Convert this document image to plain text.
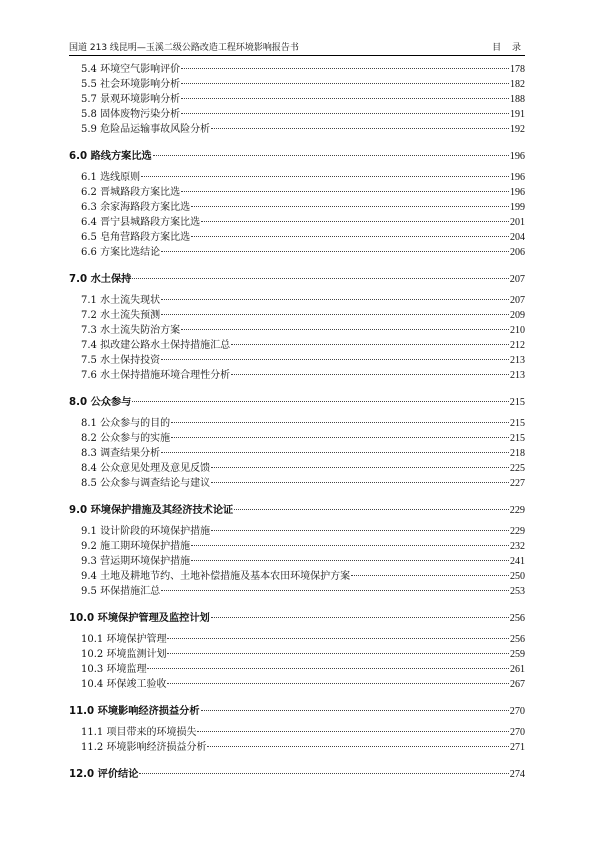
国道 213 线昆明—玉溪二级公路改造工程环境影响报告书	目 录
5.4 环境空气影响评价	178
5.5 社会环境影响分析	182
5.7 景观环境影响分析	188
5.8 固体废物污染分析	191
5.9 危险品运输事故风险分析	192
6.0 路线方案比选	196
6.1 选线原则	196
6.2 晋城路段方案比选	196
6.3 余家海路段方案比选	199
6.4 晋宁县城路段方案比选	201
6.5 皂角营路段方案比选	204
6.6 方案比选结论	206
7.0 水土保持	207
7.1 水土流失现状	207
7.2 水土流失预测	209
7.3 水土流失防治方案	210
7.4 拟改建公路水土保持措施汇总	212
7.5 水土保持投资	213
7.6 水土保持措施环境合理性分析	213
8.0 公众参与	215
8.1 公众参与的目的	215
8.2 公众参与的实施	215
8.3 调查结果分析	218
8.4 公众意见处理及意见反馈	225
8.5 公众参与调查结论与建议	227
9.0 环境保护措施及其经济技术论证	229
9.1 设计阶段的环境保护措施	229
9.2 施工期环境保护措施	232
9.3 营运期环境保护措施	241
9.4 土地及耕地节约、土地补偿措施及基本农田环境保护方案	250
9.5 环保措施汇总	253
10.0 环境保护管理及监控计划	256
10.1 环境保护管理	256
10.2 环境监测计划	259
10.3 环境监理	261
10.4 环保竣工验收	267
11.0 环境影响经济损益分析	270
11.1 项目带来的环境损失	270
11.2 环境影响经济损益分析	271
12.0 评价结论	274
